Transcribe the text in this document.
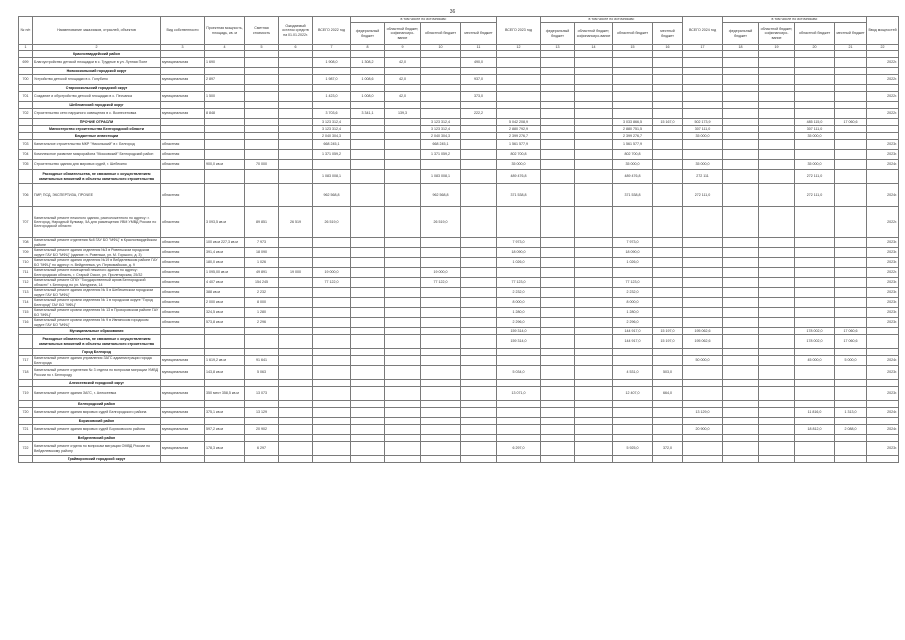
36
№ п/п	Наименование заказчиков, отраслей, объектов	Вид собственности	Проектная мощность, площадь, кв. м	Сметная стоимость	Ожидаемый остаток средств на 01.01.2022г.	ВСЕГО 2022 год	в том числе по источникам:				ВСЕГО 2023 год	в том числе по источникам:				ВСЕГО 2024 год	в том числе по источникам:				Ввод мощностей
							федеральный бюджет	областной бюджет, софинансиро-вание	областной бюджет	местный бюджет		федеральный бюджет	областной бюджет, софинансиро-вание	областной бюджет	местный бюджет		федеральный бюджет	областной бюджет, софинансиро-вание	областной бюджет	местный бюджет	
1	2	3	4	5	6	7	8	9	10	11	12	13	14	15	16	17	18	19	20	21	22
	Красногвардейский район																				
699	Благоустройство детской площадки в с. Трудные в ул. Лунная Поле	муниципальная	1 690			1 908,0	1 308,2	42,0		490,0											2022г.
	Новооскольский городской округ																				
700	Устройство детской площадки в с. Голубино	муниципальная	2 897			1 987,0	1 008,6	42,0		937,0											2022г.
	Старооскольский городской округ																				
701	Создание и обустройство детской площадки в с. Песчанка	муниципальная	1 500			1 423,0	1 008,0	42,0		373,0											2022г.
	Шебекинский городской округ																				
702	Строительство сети наружного освещения в с. Вознесеновка	муниципальная	8 848			3 703,6	3 341,1	139,3		222,2											2022г.
	ПРОЧИЕ ОТРАСЛИ					3 123 312,4			3 123 312,4		5 042 208,9			3 033 866,5	15 167,0	502 173,9			485 115,0	17 060,6	
	Министерство строительства Белгородской области					3 123 312,4			3 123 312,4		2 880 792,9			2 880 751,5		307 111,0			307 111,0		
	Бюджетные инвестиции					2 040 304,3			2 040 304,3		2 399 276,7			2 399 276,7		35 000,0			35 000,0		
703	Капитальное строительство МКР "Никольский" в г. Белгород	областная				668 245,1			668 245,1		1 561 577,9			1 561 577,9							2023г.
704	Комплексное развитие микрорайона "Московский" Белгородский район	областная				1 371 059,2			1 371 059,2		802 700,8			802 700,8							2023г.
705	Строительство здания для мировых судей, г. Шебекино	областная	900,0 кв.м	70 000							35 000,0			35 000,0		35 000,0			35 000,0		2024г.
	Расходные обязательства, не связанные с осуществлением капитальных вложений в объекты капитального строительства					1 083 008,1			1 083 008,1		489 476,8			489 476,8		272 111			272 111,0		
706	ПИР, ПСД, ЭКСПЕРТИЗА, ПРОЧЕЕ	областная				962 568,8			962 568,8		371 538,8			371 538,8		272 111,0			272 111,0		2024г.
707	Капитальный ремонт нежилого здания, расположенного по адресу: г. Белгород, Народный бульвар, 5А для размещения УВМ УМВД России по Белгородской области	областная	3 093,5 кв.м	89 851	26 519	26 519,0			26 519,0												2022г.
708	Капитальный ремонт отделения №8 ГАУ БО "МФЦ" в Красногвардейском районе	областная	100 кв.м 227,3 кв.м	7 973							7 973,0			7 973,0							2023г.
709	Капитальный ремонт здания отделения №3 в Ровеньском городском округе ГАУ БО "МФЦ" (здание: п. Ровеньки, ул. М. Горького, д. 3)	областная	391,4 кв.м	18 090							18 090,0			18 090,0							2023г.
710	Капитальный ремонт здания отделения №19 в Вейделевском районе ГАУ БО "МФЦ" по адресу: п. Вейделевка, ул. Первомайская, д. 9	областная	180,0 кв.м	1 026							1 026,0			1 026,0							2023г.
711	Капитальный ремонт помещений нежилого здания по адресу: Белгородская область, г. Старый Оскол, ул. Пролетарская, 25/32	областная	1 095,00 кв.м	49 891	19 000	19 000,0			19 000,0												2022г.
712	Капитальный ремонт ОГКУ "Государственный архив Белгородской области" г. Белгород по ул. Мичурина, 14	областная	4 407 кв.м	154 245		77 122,0			77 122,0		77 123,0			77 123,0							2023г.
713	Капитальный ремонт здания отделения № 5 в Шебекинском городском округе ГАУ БО "МФЦ"	областная	388 кв.м	2 232							2 232,0			2 232,0							2023г.
714	Капитальный ремонт кровли отделения № 1 в городском округе "Город Белгород" ГАУ БО "МФЦ"	областная	2 000 кв.м	8 000							8 000,0			8 000,0							2023г.
715	Капитальный ремонт кровли отделения № 13 в Прохоровском районе ГАУ БО "МФЦ"	областная	324,5 кв.м	1 280							1 280,0			1 280,0							2023г.
716	Капитальный ремонт кровли отделения № 9 в Ивнянском городском округе ГАУ БО "МФЦ"	областная	573,8 кв.м	2 296							2 296,0			2 296,0							2023г.
	Муниципальные образования										159 314,0			144 917,0	15 197,0	195 062,6			178 002,0	17 060,6	
	Расходные обязательства, не связанные с осуществлением капитальных вложений в объекты капитального строительства										159 314,0			144 917,0	15 197,0	195 062,6			178 002,0	17 060,6	
	Город Белгород																				
717	Капитальный ремонт здания управления ЗАГС администрации города Белгорода	муниципальная	1 619,2 кв.м	91 641												50 000,0			45 000,0	5 000,0	2024г.
718	Капитальный ремонт отделения № 3 отдела по вопросам миграции УМВД России по г. Белгороду	муниципальная	143,8 кв.м	5 063							5 034,0			4 531,0	503,0						2023г.
	Алексеевский городской округ																				
719	Капитальный ремонт здания ЗАГС, г. Алексеевка	муниципальная	350 мест 358,5 кв.м	13 073							13 071,0			12 407,0	664,0						2023г.
	Белгородский район																				
720	Капитальный ремонт здания мировых судей Белгородского района	муниципальная	375,1 кв.м	13 129												13 129,0			11 816,0	1 313,0	2024г.
	Борисовский район																				
721	Капитальный ремонт здания мировых судей Борисовского района	муниципальная	597,2 кв.м	20 902												20 900,0			18 812,0	2 088,0	2024г.
	Вейделевский район																				
722	Капитальный ремонт отдела по вопросам миграции ОМВД России по Вейделевскому району	муниципальная	178,3 кв.м	6 297							6 297,0			5 925,0	372,0						2023г.
	Грайворонский городской округ																				
